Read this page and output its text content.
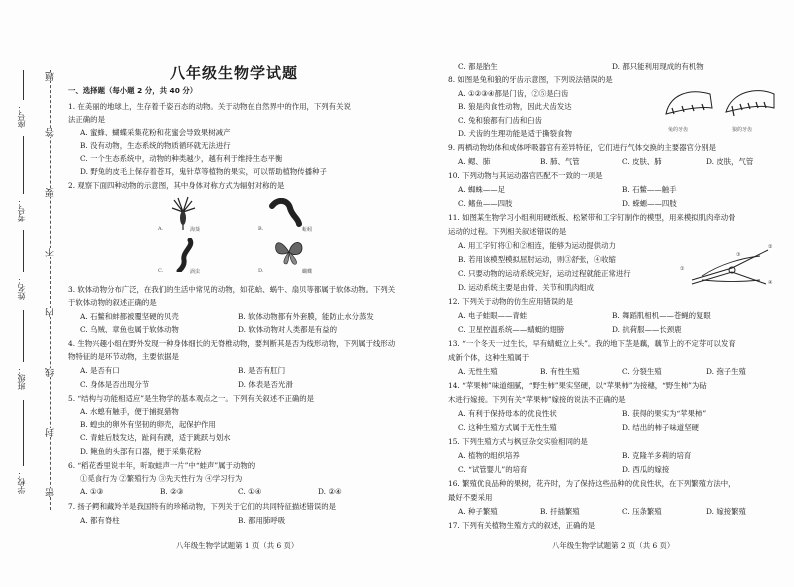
学校：
班级：
姓名：
考号：
座号：
密
封
线
内
不
要
答
题	八年级生物学试题
一、选择题（每小题 2 分，共 40 分）
1. 在美丽的地球上，生存着千姿百态的动物。关于动物在自然界中的作用，下列有关说
法正确的是
A. 蜜蜂、蝴蝶采集花粉和花蜜会导致果树减产
B. 没有动物，生态系统的物质循环就无法进行
C. 一个生态系统中，动物的种类越少，越有利于维持生态平衡
D. 野兔的皮毛上保存着苍耳，鬼针草等植物的果实，可以帮助植物传播种子
2. 观察下面四种动物的示意图，其中身体对称方式为辐射对称的是
A.	海葵	B.	蚯蚓
C.	涡虫	D.	蝴蝶
3. 软体动物分布广泛，在我们的生活中常见的动物，如花蛤、蜗牛、扇贝等都属于软体动物。下列关
于软体动物的叙述正确的是
A. 石鳖和蚌都被覆坚硬的贝壳	B. 软体动物都有外套膜，能防止水分蒸发
C. 乌贼、章鱼也属于软体动物	D. 软体动物对人类都是有益的
4. 生物兴趣小组在野外发现一种身体细长的无脊椎动物，要判断其是否为线形动物，下列属于线形动
物特征的是环节动物，主要依据是
A. 是否有口	B. 是否有肛门
C. 身体是否出现分节	D. 体表是否光滑
5. “结构与功能相适应”是生物学的基本观点之一。下列有关叙述不正确的是
A. 水螅有触手，便于捕捉猎物
B. 蝗虫的卵外有坚韧的卵壳，起保护作用
C. 青蛙后肢发达，趾间有蹼，适于跳跃与划水
D. 鲍鱼的头部有口器，便于采集花粉
6. “稻花香里说丰年，听取蛙声一片”中“蛙声”属于动物的
①觅食行为 ②繁殖行为 ③先天性行为 ④学习行为
A. ①③	B. ②③	C. ①④	D. ②④
7. 扬子鳄和藏羚羊是我国特有的珍稀动物，下列关于它们的共同特征描述错误的是
A. 都有脊柱	B. 都用肺呼吸
八年级生物学试题第 1 页（共 6 页）
C. 都是胎生	D. 都只能利用现成的有机物
8. 如图是兔和狼的牙齿示意图，下列说法错误的是
A. ①②③④都是门齿，②⑤是臼齿
B. 狼是肉食性动物，因此犬齿发达
C. 兔和狼都有门齿和臼齿
D. 犬齿的生理功能是适于撕裂食物	兔的牙齿	狼的牙齿
9. 两栖动物幼体和成体呼吸器官有差异特征，它们进行气体交换的主要器官分别是
A. 鳃、肺	B. 肺、气管	C. 皮肤、肺	D. 皮肤，气管
10. 下列动物与其运动器官匹配不一致的一项是
A. 蜘蛛——足	B. 石鳖——触手
C. 鳍鱼——四肢	D. 蝾螈——四肢
11. 如图某生物学习小组利用硬纸板、松紧带和工字钉制作的模型，用来模拟肌肉牵动骨
运动的过程。下列相关叙述错误的是
A. 用工字钉将①和②相连，能够为运动提供动力
B. 若用该模型模拟屈肘运动，则③舒张，④收缩
C. 只要动物的运动系统完好，运动过程就能正常进行
D. 运动系统主要是由骨、关节和肌肉组成
①
②
③
④
12. 下列关于动物的仿生应用错误的是
A. 电子蛙眼——青蛙	B. 舞蹈肌相机——苍蝇的复眼
C. 卫星控温系统——蜻蜓的翅膀	D. 抗荷服——长颈鹿
13. “一个冬天一过生长，早有蜻蜓立上头”。我的地下茎是藕，藕节上的不定芽可以发育
成新个体，这种生殖属于
A. 无性生殖	B. 有性生殖	C. 分裂生殖	D. 孢子生殖
14. “苹果柿”味道细腻，“野生柿”果实坚硬，以“苹果柿”为接穗，“野生柿”为砧
木进行嫁接。下列有关“苹果柿”嫁接的说法不正确的是
A. 有利于保持母本的优良性状	B. 获得的果实为“苹果柿”
C. 这种生殖方式属于无性生殖	D. 结出的柿子味道坚硬
15. 下列生殖方式与枫豆杂交实验相同的是
A. 植物的组织培养	B. 克隆羊多莉的培育
C. “试管婴儿”的培育	D. 西瓜的嫁接
16. 繁殖优良品种的果树，花卉时，为了保持这些品种的优良性状，在下列繁殖方法中，
最好不要采用
A. 种子繁殖	B. 扦插繁殖	C. 压条繁殖	D. 嫁接繁殖
17. 下列有关植物生殖方式的叙述，正确的是
八年级生物学试题第 2 页（共 6 页）
